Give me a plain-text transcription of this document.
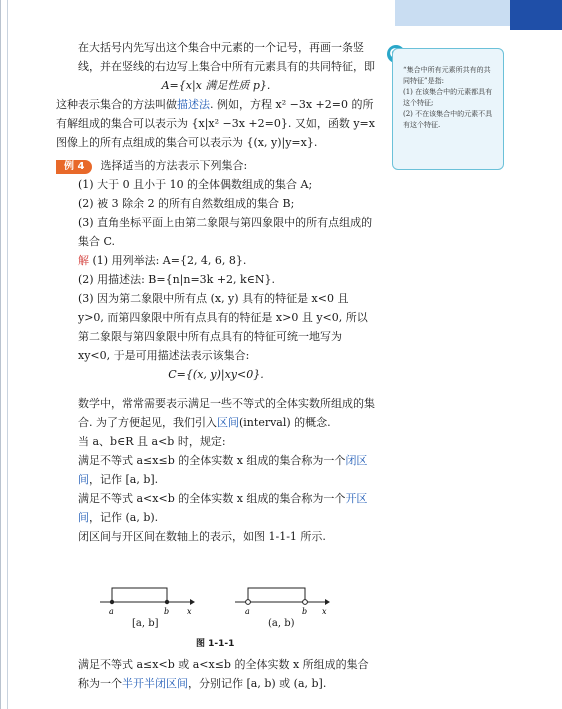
在大括号内先写出这个集合中元素的一个记号，再画一条竖线，并在竖线的右边写上集合中所有元素具有的共同特征，即

A={x|x 满足性质 p}.

这种表示集合的方法叫做描述法. 例如，方程 x² −3x +2=0 的所有解组成的集合可以表示为 {x|x² −3x +2=0}. 又如，函数 y=x图像上的所有点组成的集合可以表示为 {(x, y)|y=x}.

例 4 选择适当的方法表示下列集合:

(1) 大于 0 且小于 10 的全体偶数组成的集合 A;

(2) 被 3 除余 2 的所有自然数组成的集合 B;

(3) 直角坐标平面上由第二象限与第四象限中的所有点组成的集合 C.

解 (1) 用列举法: A={2, 4, 6, 8}.

(2) 用描述法: B={n|n=3k +2, k∈N}.

(3) 因为第二象限中所有点 (x, y) 具有的特征是 x<0 且 y>0, 而第四象限中所有点具有的特征是 x>0 且 y<0, 所以第二象限与第四象限中所有点具有的特征可统一地写为 xy<0, 于是可用描述法表示该集合:

C={(x, y)|xy<0}.

数学中，常常需要表示满足一些不等式的全体实数所组成的集合. 为了方便起见，我们引入区间(interval) 的概念.

当 a、b∈R 且 a<b 时，规定:

满足不等式 a≤x≤b 的全体实数 x 组成的集合称为一个闭区间，记作 [a, b].

满足不等式 a<x<b 的全体实数 x 组成的集合称为一个开区间，记作 (a, b).

闭区间与开区间在数轴上的表示，如图 1-1-1 所示.

“集合中所有元素所共有的共同特征”是指:

(1) 在该集合中的元素都具有这个特征;

(2) 不在该集合中的元素不具有这个特征.

a	b x	a	b x
[a, b]	(a, b)
图 1-1-1

满足不等式 a≤x<b 或 a<x≤b 的全体实数 x 所组成的集合称为一个半开半闭区间，分别记作 [a, b) 或 (a, b].
